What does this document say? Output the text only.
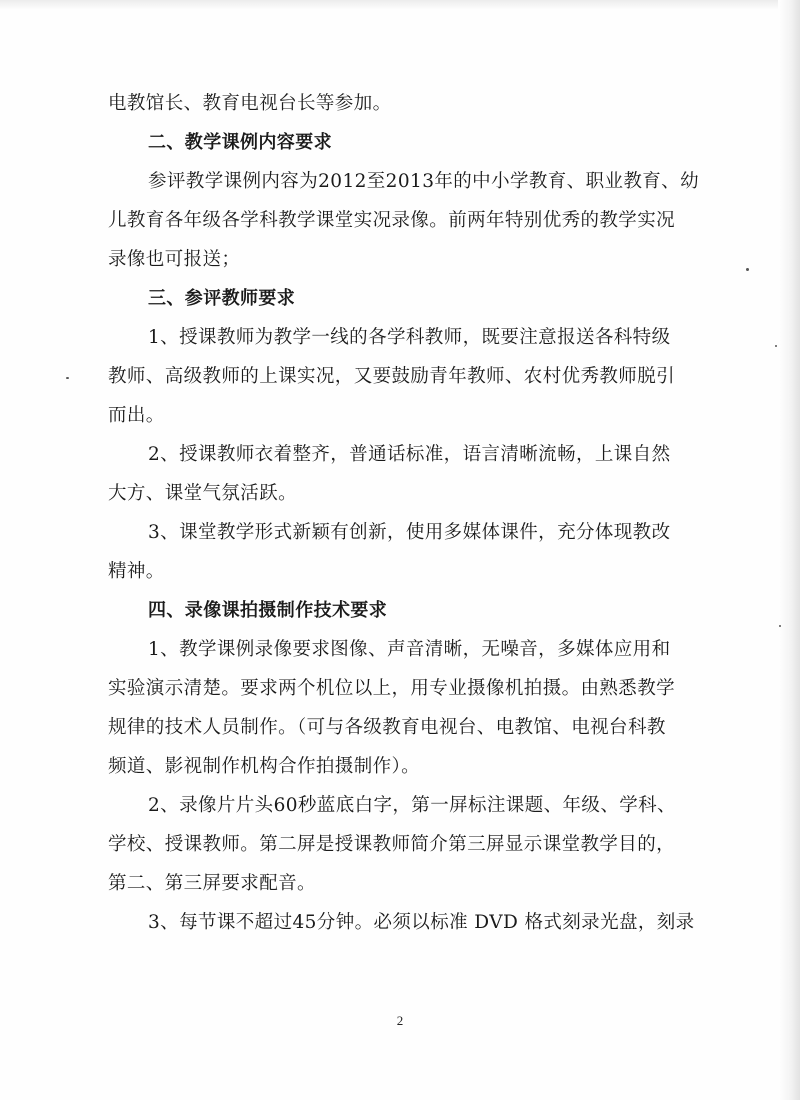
电教馆长、教育电视台长等参加。

二、教学课例内容要求

参评教学课例内容为2012至2013年的中小学教育、职业教育、幼

儿教育各年级各学科教学课堂实况录像。前两年特别优秀的教学实况

录像也可报送；

三、参评教师要求

1、授课教师为教学一线的各学科教师，既要注意报送各科特级

教师、高级教师的上课实况，又要鼓励青年教师、农村优秀教师脱引

而出。

2、授课教师衣着整齐，普通话标准，语言清晰流畅，上课自然

大方、课堂气氛活跃。

3、课堂教学形式新颖有创新，使用多媒体课件，充分体现教改

精神。

四、录像课拍摄制作技术要求

1、教学课例录像要求图像、声音清晰，无噪音，多媒体应用和

实验演示清楚。要求两个机位以上，用专业摄像机拍摄。由熟悉教学

规律的技术人员制作。（可与各级教育电视台、电教馆、电视台科教

频道、影视制作机构合作拍摄制作）。

2、录像片片头60秒蓝底白字，第一屏标注课题、年级、学科、

学校、授课教师。第二屏是授课教师简介第三屏显示课堂教学目的，

第二、第三屏要求配音。

3、每节课不超过45分钟。必须以标准 DVD 格式刻录光盘，刻录

2
